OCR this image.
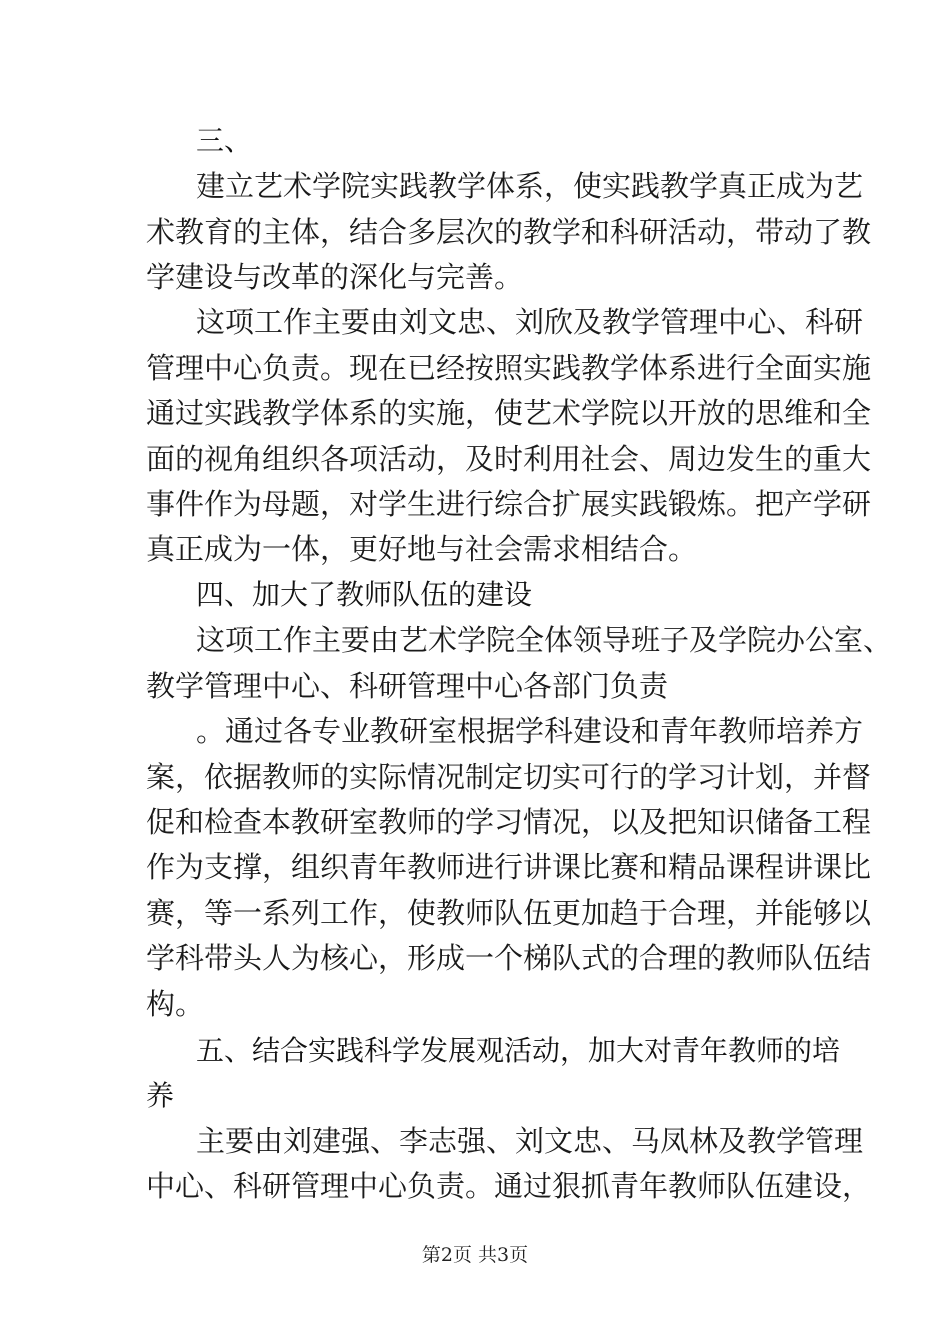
三、
建立艺术学院实践教学体系，使实践教学真正成为艺
术教育的主体，结合多层次的教学和科研活动，带动了教
学建设与改革的深化与完善。
这项工作主要由刘文忠、刘欣及教学管理中心、科研
管理中心负责。现在已经按照实践教学体系进行全面实施
通过实践教学体系的实施，使艺术学院以开放的思维和全
面的视角组织各项活动，及时利用社会、周边发生的重大
事件作为母题，对学生进行综合扩展实践锻炼。把产学研
真正成为一体，更好地与社会需求相结合。
四、加大了教师队伍的建设
这项工作主要由艺术学院全体领导班子及学院办公室、
教学管理中心、科研管理中心各部门负责
。通过各专业教研室根据学科建设和青年教师培养方
案，依据教师的实际情况制定切实可行的学习计划，并督
促和检查本教研室教师的学习情况，以及把知识储备工程
作为支撑，组织青年教师进行讲课比赛和精品课程讲课比
赛，等一系列工作，使教师队伍更加趋于合理，并能够以
学科带头人为核心，形成一个梯队式的合理的教师队伍结
构。
五、结合实践科学发展观活动，加大对青年教师的培
养
主要由刘建强、李志强、刘文忠、马凤林及教学管理
中心、科研管理中心负责。通过狠抓青年教师队伍建设，
第2页 共3页
